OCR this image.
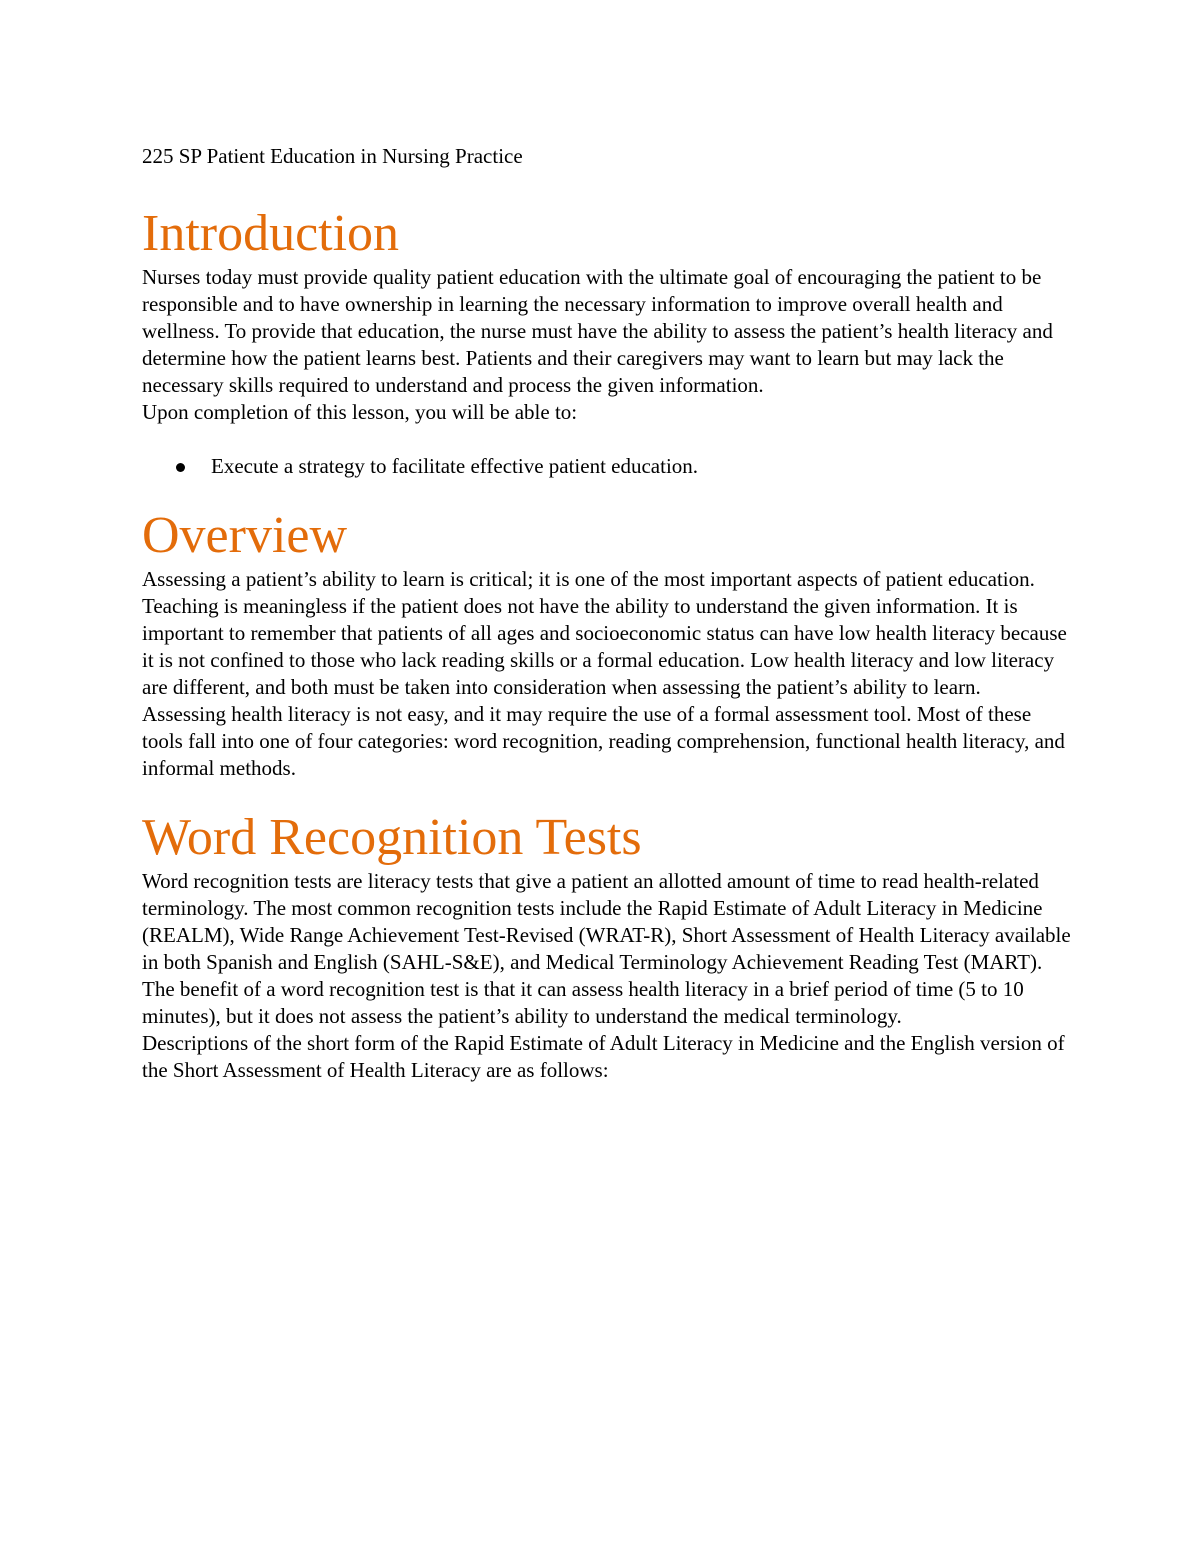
225 SP Patient Education in Nursing Practice

Introduction

Nurses today must provide quality patient education with the ultimate goal of encouraging the patient to be responsible and to have ownership in learning the necessary information to improve overall health and wellness. To provide that education, the nurse must have the ability to assess the patient’s health literacy and determine how the patient learns best. Patients and their caregivers may want to learn but may lack the necessary skills required to understand and process the given information.

Upon completion of this lesson, you will be able to:

Execute a strategy to facilitate effective patient education.
Overview

Assessing a patient’s ability to learn is critical; it is one of the most important aspects of patient education. Teaching is meaningless if the patient does not have the ability to understand the given information. It is important to remember that patients of all ages and socioeconomic status can have low health literacy because it is not confined to those who lack reading skills or a formal education. Low health literacy and low literacy are different, and both must be taken into consideration when assessing the patient’s ability to learn.

Assessing health literacy is not easy, and it may require the use of a formal assessment tool. Most of these tools fall into one of four categories: word recognition, reading comprehension, functional health literacy, and informal methods.

Word Recognition Tests

Word recognition tests are literacy tests that give a patient an allotted amount of time to read health-related terminology. The most common recognition tests include the Rapid Estimate of Adult Literacy in Medicine (REALM), Wide Range Achievement Test-Revised (WRAT-R), Short Assessment of Health Literacy available in both Spanish and English (SAHL-S&E), and Medical Terminology Achievement Reading Test (MART). The benefit of a word recognition test is that it can assess health literacy in a brief period of time (5 to 10 minutes), but it does not assess the patient’s ability to understand the medical terminology.

Descriptions of the short form of the Rapid Estimate of Adult Literacy in Medicine and the English version of the Short Assessment of Health Literacy are as follows:
